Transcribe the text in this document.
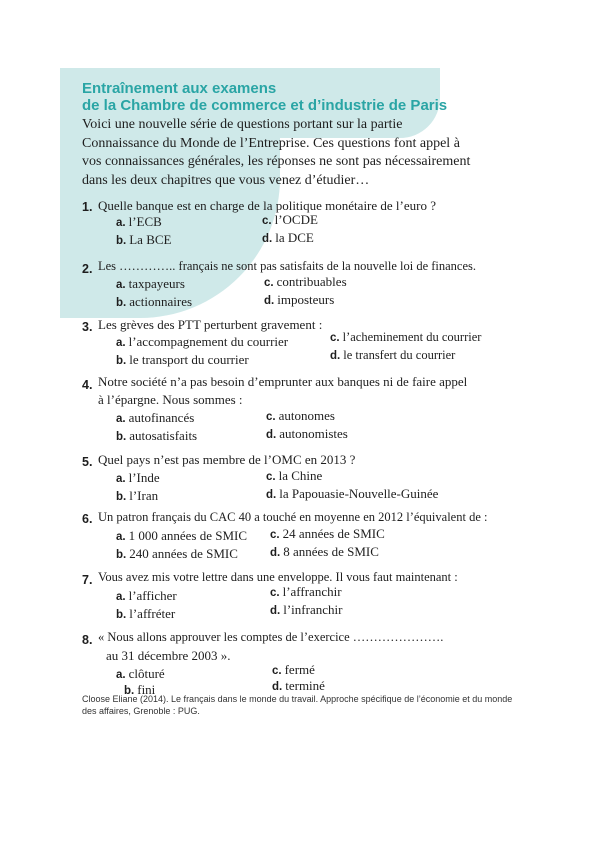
Entraînement aux examens
de la Chambre de commerce et d’industrie de Paris
Voici une nouvelle série de questions portant sur la partie Connaissance du Monde de l’Entreprise. Ces questions font appel à vos connaissances générales, les réponses ne sont pas nécessairement dans les deux chapitres que vous venez d’étudier…
1. Quelle banque est en charge de la politique monétaire de l’euro ?
a. l’ECB	c. l’OCDE
b. La BCE	d. la DCE
2. Les ………….. français ne sont pas satisfaits de la nouvelle loi de finances.
a. taxpayeurs	c. contribuables
b. actionnaires	d. imposteurs
3. Les grèves des PTT perturbent gravement :
a. l’accompagnement du courrier	c. l’acheminement du courrier
b. le transport du courrier	d. le transfert du courrier
4. Notre société n’a pas besoin d’emprunter aux banques ni de faire appel
à l’épargne. Nous sommes :
a. autofinancés	c. autonomes
b. autosatisfaits	d. autonomistes
5. Quel pays n’est pas membre de l’OMC en 2013 ?
a. l’Inde	c. la Chine
b. l’Iran	d. la Papouasie-Nouvelle-Guinée
6. Un patron français du CAC 40 a touché en moyenne en 2012 l’équivalent de :
a. 1 000 années de SMIC c. 24 années de SMIC
b. 240 années de SMIC	d. 8 années de SMIC
7. Vous avez mis votre lettre dans une enveloppe. Il vous faut maintenant :
a. l’afficher	c. l’affranchir
b. l’affréter	d. l’infranchir
8. « Nous allons approuver les comptes de l’exercice ………………….
au 31 décembre 2003 ».
a. clôturé	c. fermé
b. fini	d. terminé
Cloose Eliane (2014). Le français dans le monde du travail. Approche spécifique de l’économie et du monde des affaires, Grenoble : PUG.
